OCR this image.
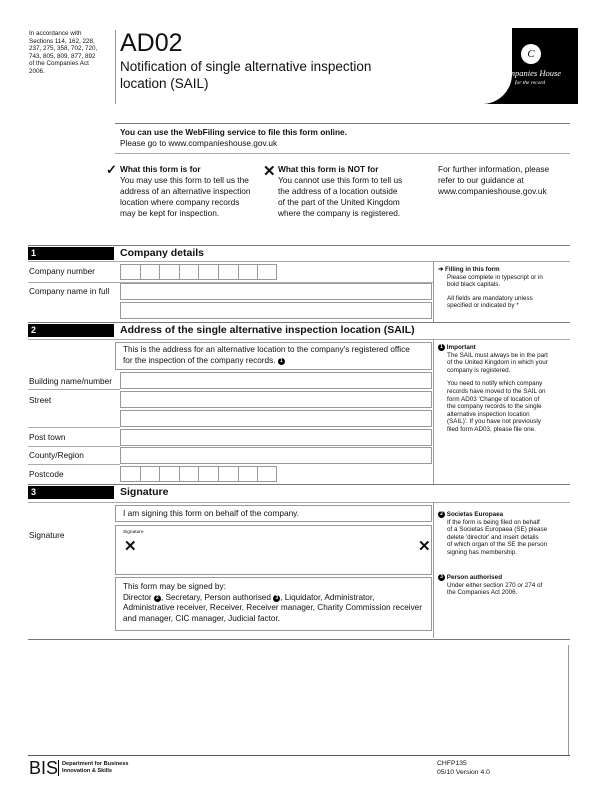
In accordance with
Sections 114, 162, 228,
237, 275, 358, 702, 720,
743, 805, 809, 877, 892
of the Companies Act
2006.
AD02
Notification of single alternative inspection
location (SAIL)
C
Companies House
for the record
You can use the WebFiling service to file this form online.
Please go to www.companieshouse.gov.uk
✓ What this form is for
You may use this form to tell us the
address of an alternative inspection
location where company records
may be kept for inspection.
✕ What this form is NOT for
You cannot use this form to tell us
the address of a location outside
of the part of the United Kingdom
where the company is registered.
For further information, please
refer to our guidance at
www.companieshouse.gov.uk
1	Company details
Company number
Company name in full
➜ Filling in this form
Please complete in typescript or in
bold black capitals.
All fields are mandatory unless
specified or indicated by *
2	Address of the single alternative inspection location (SAIL)
This is the address for an alternative location to the company's registered office
for the inspection of the company records. 1
Building name/number
Street
Post town
County/Region
Postcode
1 Important
The SAIL must always be in the part
of the United Kingdom in which your
company is registered.
You need to notify which company
records have moved to the SAIL on
form AD03 'Change of location of
the company records to the single
alternative inspection location
(SAIL)'. If you have not previously
filed form AD03, please file one.
3	Signature
I am signing this form on behalf of the company.
Signature	Signature
✕	✕
This form may be signed by:
Director 2 , Secretary, Person authorised 3 , Liquidator, Administrator,
Administrative receiver, Receiver, Receiver manager, Charity Commission receiver
and manager, CIC manager, Judicial factor.
2 Societas Europaea
If the form is being filed on behalf
of a Societas Europaea (SE) please
delete 'director' and insert details
of which organ of the SE the person
signing has membership.
3 Person authorised
Under either section 270 or 274 of
the Companies Act 2006.
BIS Department for Business
Innovation & Skills
CHFP135
05/10 Version 4.0
